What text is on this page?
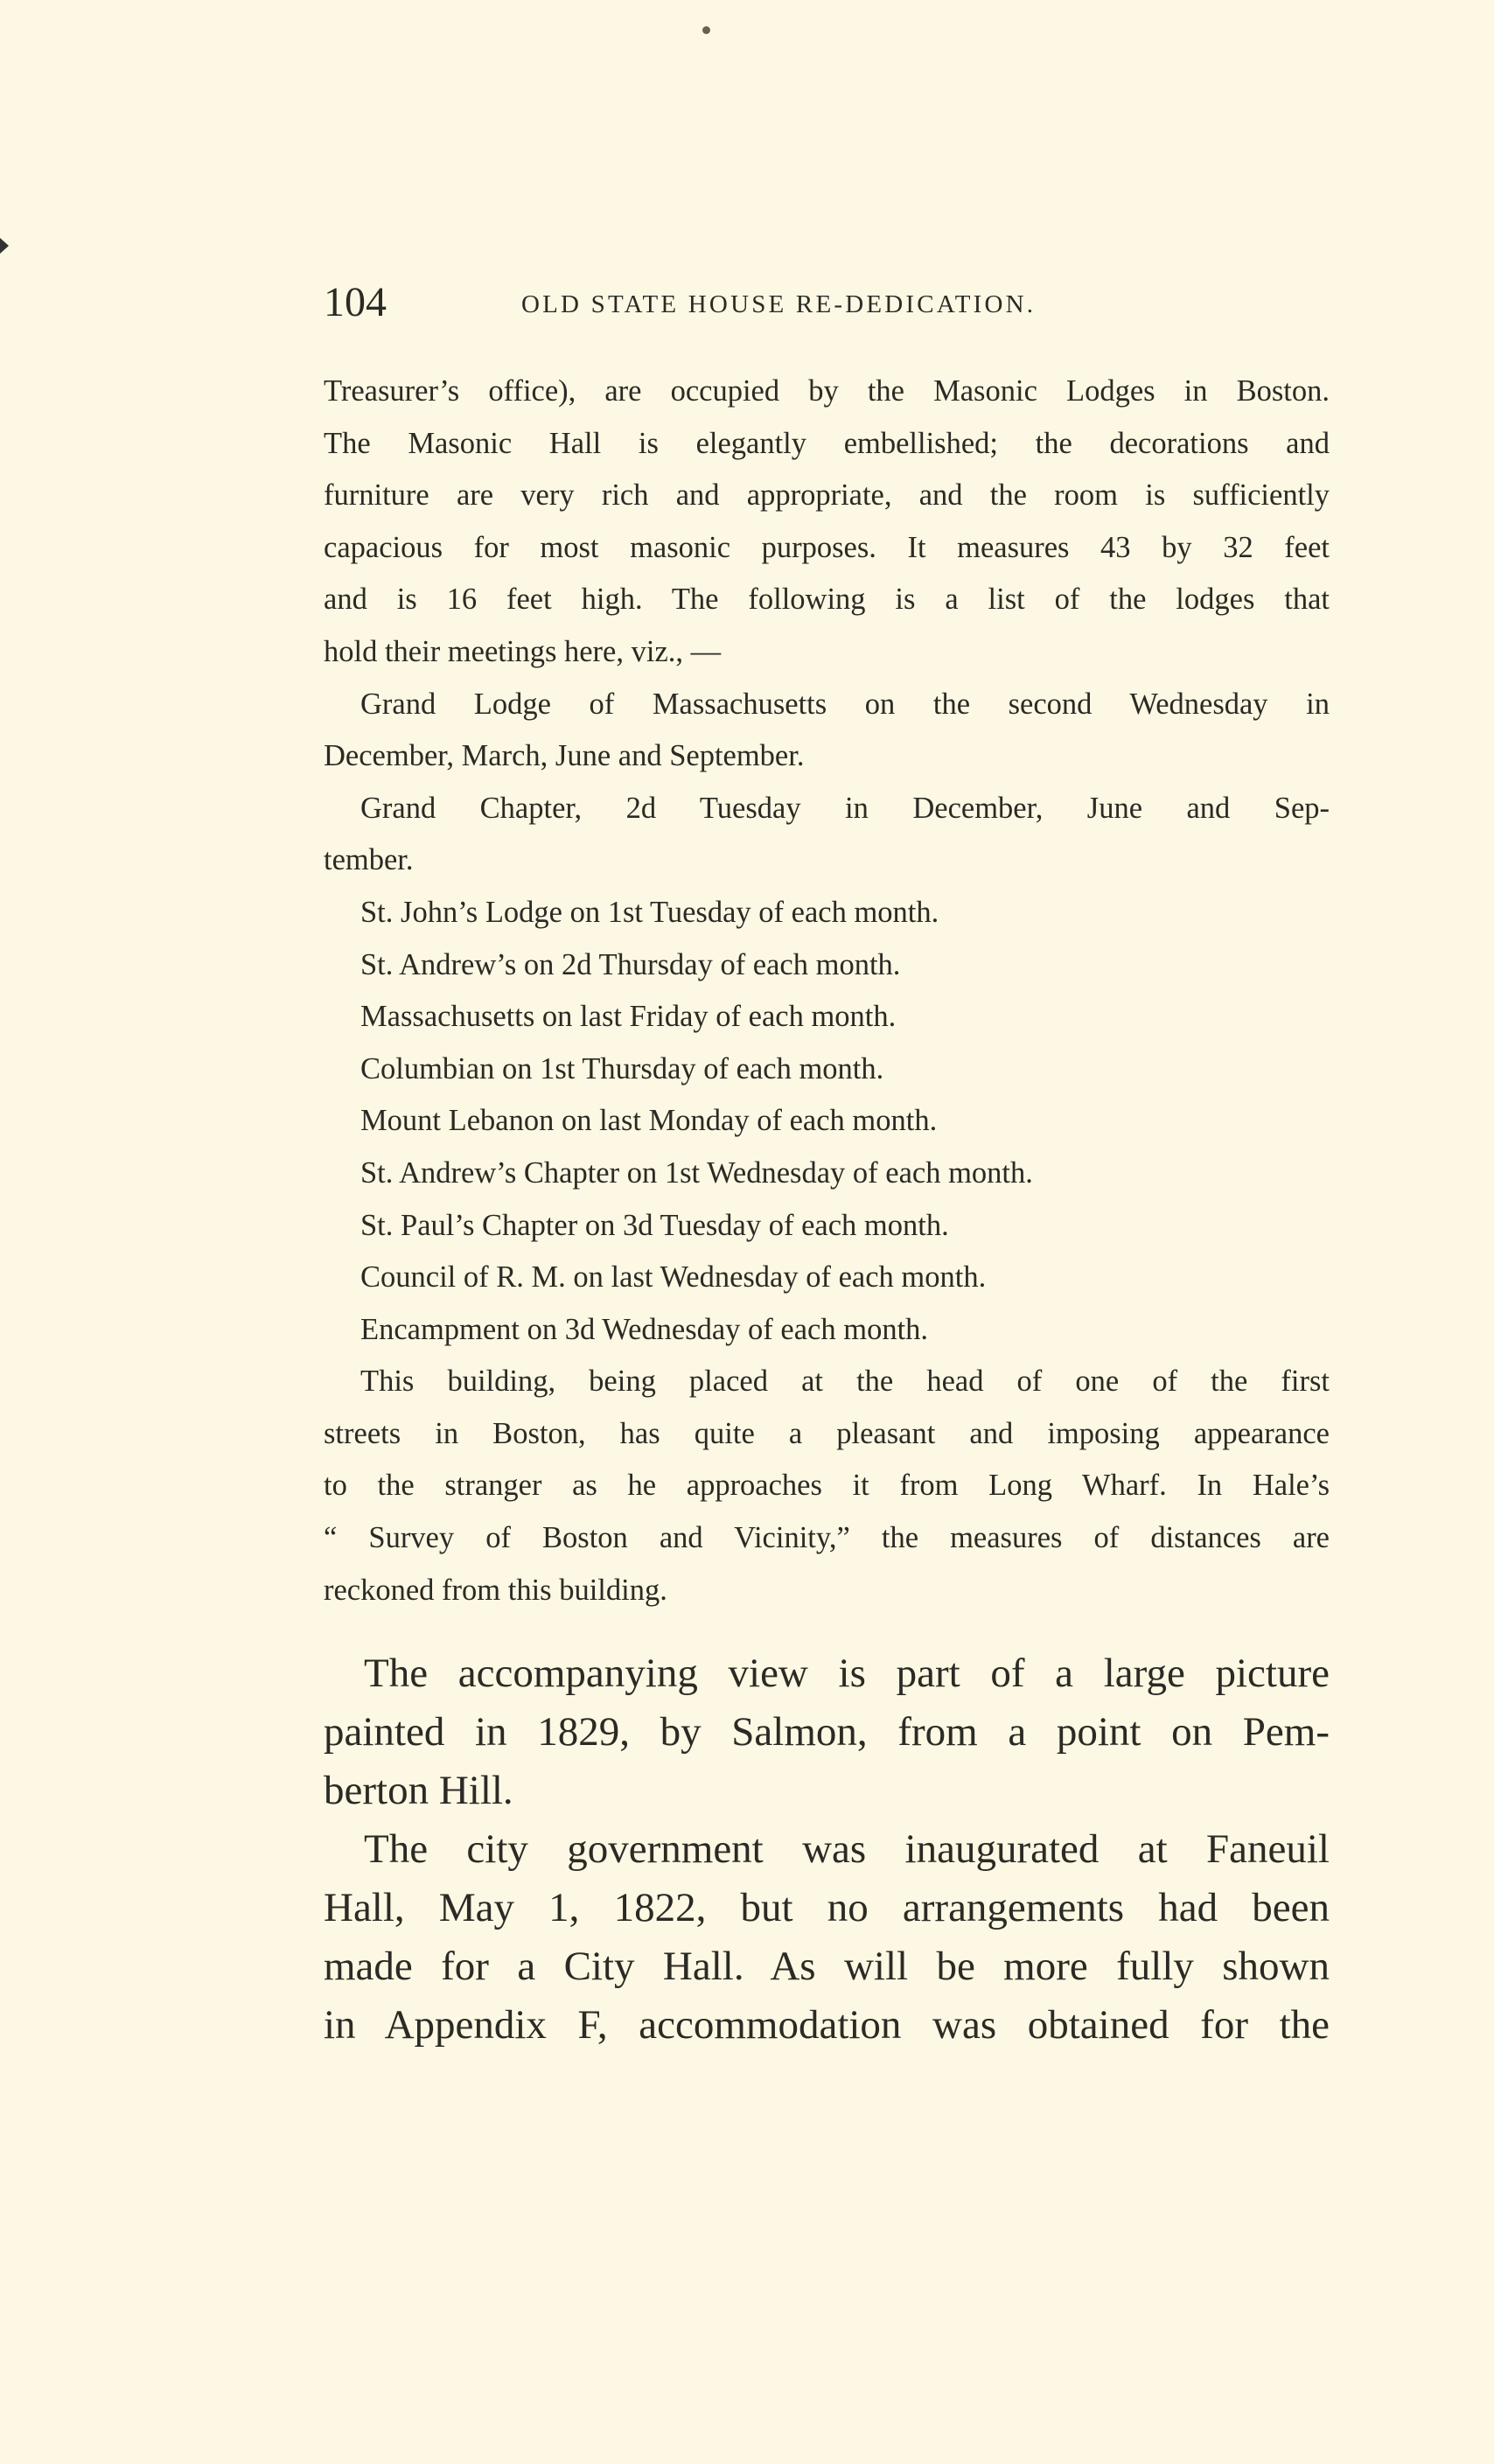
104	OLD STATE HOUSE RE-DEDICATION.

Treasurer’s office), are occupied by the Masonic Lodges in Boston.

The Masonic Hall is elegantly embellished; the decorations and

furniture are very rich and appropriate, and the room is sufficiently

capacious for most masonic purposes. It measures 43 by 32 feet

and is 16 feet high. The following is a list of the lodges that

hold their meetings here, viz., —

Grand Lodge of Massachusetts on the second Wednesday in

December, March, June and September.

Grand Chapter, 2d Tuesday in December, June and Sep-

tember.

St. John’s Lodge on 1st Tuesday of each month.

St. Andrew’s on 2d Thursday of each month.

Massachusetts on last Friday of each month.

Columbian on 1st Thursday of each month.

Mount Lebanon on last Monday of each month.

St. Andrew’s Chapter on 1st Wednesday of each month.

St. Paul’s Chapter on 3d Tuesday of each month.

Council of R. M. on last Wednesday of each month.

Encampment on 3d Wednesday of each month.

This building, being placed at the head of one of the first

streets in Boston, has quite a pleasant and imposing appearance

to the stranger as he approaches it from Long Wharf. In Hale’s

“ Survey of Boston and Vicinity,” the measures of distances are

reckoned from this building.

The accompanying view is part of a large picture

painted in 1829, by Salmon, from a point on Pem-

berton Hill.

The city government was inaugurated at Faneuil

Hall, May 1, 1822, but no arrangements had been

made for a City Hall. As will be more fully shown

in Appendix F, accommodation was obtained for the
